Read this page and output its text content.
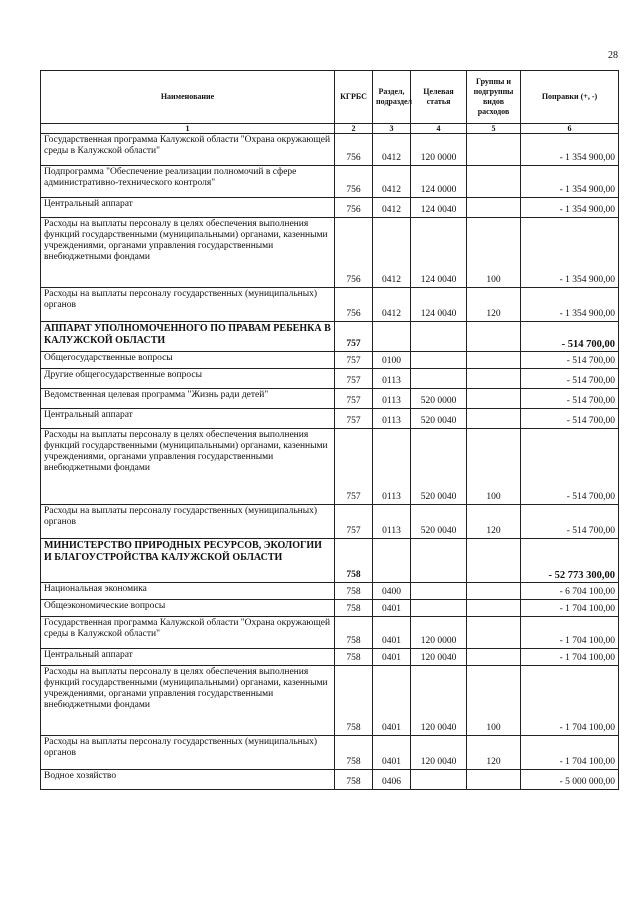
28
Наименование	КГРБС	Раздел, подраздел	Целевая статья	Группы и подгруппы видов расходов	Поправки (+, -)
1	2	3	4	5	6
Государственная программа Калужской области "Охрана окружающей среды в Калужской области"	756	0412	120 0000		- 1 354 900,00
Подпрограмма "Обеспечение реализации полномочий в сфере административно-технического контроля"	756	0412	124 0000		- 1 354 900,00
Центральный аппарат	756	0412	124 0040		- 1 354 900,00
Расходы на выплаты персоналу в целях обеспечения выполнения функций государственными (муниципальными) органами, казенными учреждениями, органами управления государственными внебюджетными фондами	756	0412	124 0040	100	- 1 354 900,00
Расходы на выплаты персоналу государственных (муниципальных) органов	756	0412	124 0040	120	- 1 354 900,00
АППАРАТ УПОЛНОМОЧЕННОГО ПО ПРАВАМ РЕБЕНКА В КАЛУЖСКОЙ ОБЛАСТИ	757				- 514 700,00
Общегосударственные вопросы	757	0100			- 514 700,00
Другие общегосударственные вопросы	757	0113			- 514 700,00
Ведомственная целевая программа "Жизнь ради детей"	757	0113	520 0000		- 514 700,00
Центральный аппарат	757	0113	520 0040		- 514 700,00
Расходы на выплаты персоналу в целях обеспечения выполнения функций государственными (муниципальными) органами, казенными учреждениями, органами управления государственными внебюджетными фондами	757	0113	520 0040	100	- 514 700,00
Расходы на выплаты персоналу государственных (муниципальных) органов	757	0113	520 0040	120	- 514 700,00
МИНИСТЕРСТВО ПРИРОДНЫХ РЕСУРСОВ, ЭКОЛОГИИ И БЛАГОУСТРОЙСТВА КАЛУЖСКОЙ ОБЛАСТИ	758				- 52 773 300,00
Национальная экономика	758	0400			- 6 704 100,00
Общеэкономические вопросы	758	0401			- 1 704 100,00
Государственная программа Калужской области "Охрана окружающей среды в Калужской области"	758	0401	120 0000		- 1 704 100,00
Центральный аппарат	758	0401	120 0040		- 1 704 100,00
Расходы на выплаты персоналу в целях обеспечения выполнения функций государственными (муниципальными) органами, казенными учреждениями, органами управления государственными внебюджетными фондами	758	0401	120 0040	100	- 1 704 100,00
Расходы на выплаты персоналу государственных (муниципальных) органов	758	0401	120 0040	120	- 1 704 100,00
Водное хозяйство	758	0406			- 5 000 000,00
